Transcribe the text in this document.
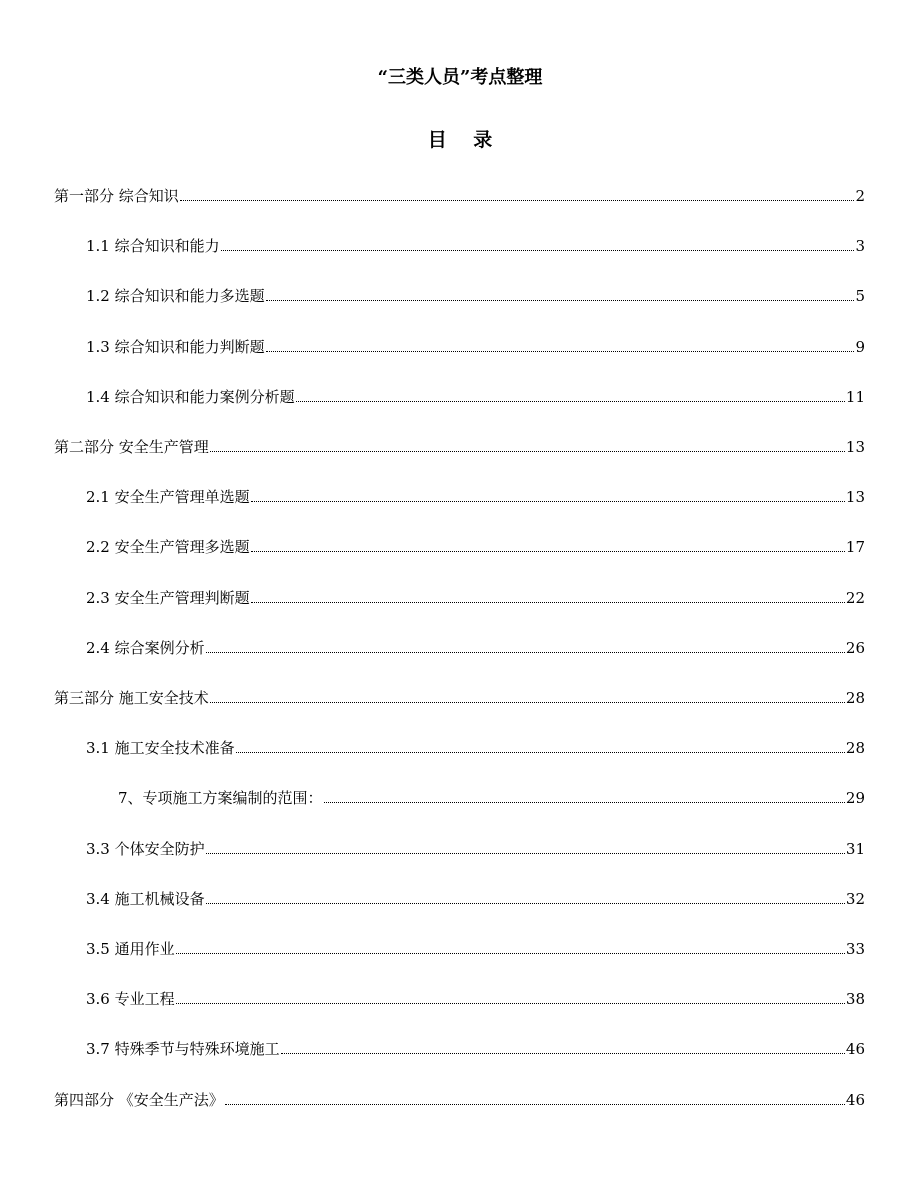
“三类人员”考点整理
目 录
第一部分 综合知识	2
1.1 综合知识和能力	3
1.2 综合知识和能力多选题	5
1.3 综合知识和能力判断题	9
1.4 综合知识和能力案例分析题	11
第二部分 安全生产管理	13
2.1 安全生产管理单选题	13
2.2 安全生产管理多选题	17
2.3 安全生产管理判断题	22
2.4 综合案例分析	26
第三部分 施工安全技术	28
3.1 施工安全技术准备	28
7、专项施工方案编制的范围：	29
3.3 个体安全防护	31
3.4 施工机械设备	32
3.5 通用作业	33
3.6 专业工程	38
3.7 特殊季节与特殊环境施工	46
第四部分 《安全生产法》	46
